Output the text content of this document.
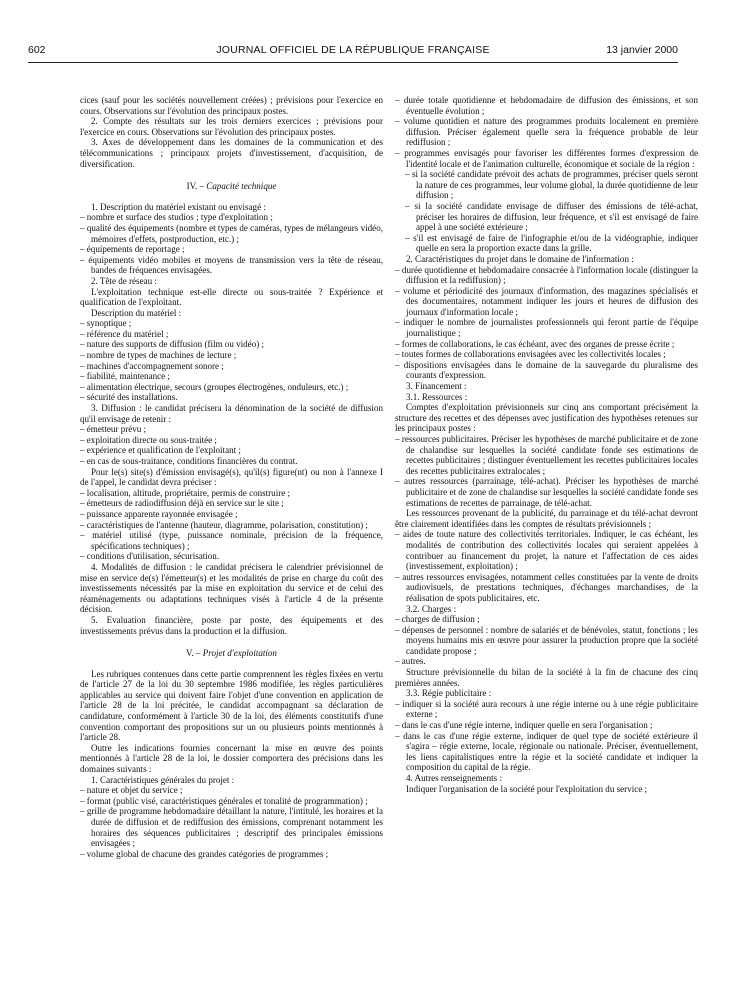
602	JOURNAL OFFICIEL DE LA RÉPUBLIQUE FRANÇAISE	13 janvier 2000

cices (sauf pour les sociétés nouvellement créées) ; prévisions pour l'exercice en cours. Observations sur l'évolution des principaux postes.

2. Compte des résultats sur les trois derniers exercices ; prévisions pour l'exercice en cours. Observations sur l'évolution des principaux postes.

3. Axes de développement dans les domaines de la communication et des télécommunications ; principaux projets d'investissement, d'acquisition, de diversification.

IV. – Capacité technique

1. Description du matériel existant ou envisagé :

– nombre et surface des studios ; type d'exploitation ;

– qualité des équipements (nombre et types de caméras, types de mélangeurs vidéo, mémoires d'effets, postproduction, etc.) ;

– équipements de reportage ;

– équipements vidéo mobiles et moyens de transmission vers la tête de réseau, bandes de fréquences envisagées.

2. Tête de réseau :

L'exploitation technique est-elle directe ou sous-traitée ? Expérience et qualification de l'exploitant.

Description du matériel :

– synoptique ;

– référence du matériel ;

– nature des supports de diffusion (film ou vidéo) ;

– nombre de types de machines de lecture ;

– machines d'accompagnement sonore ;

– fiabilité, maintenance ;

– alimentation électrique, secours (groupes électrogènes, onduleurs, etc.) ;

– sécurité des installations.

3. Diffusion : le candidat précisera la dénomination de la société de diffusion qu'il envisage de retenir :

– émetteur prévu ;

– exploitation directe ou sous-traitée ;

– expérience et qualification de l'exploitant ;

– en cas de sous-traitance, conditions financières du contrat.

Pour le(s) site(s) d'émission envisagé(s), qu'il(s) figure(nt) ou non à l'annexe I de l'appel, le candidat devra préciser :

– localisation, altitude, propriétaire, permis de construire ;

– émetteurs de radiodiffusion déjà en service sur le site ;

– puissance apparente rayonnée envisagée ;

– caractéristiques de l'antenne (hauteur, diagramme, polarisation, constitution) ;

– matériel utilisé (type, puissance nominale, précision de la fréquence, spécifications techniques) ;

– conditions d'utilisation, sécurisation.

4. Modalités de diffusion : le candidat précisera le calendrier prévisionnel de mise en service de(s) l'émetteur(s) et les modalités de prise en charge du coût des investissements nécessités par la mise en exploitation du service et de celui des réaménagements ou adaptations techniques visés à l'article 4 de la présente décision.

5. Evaluation financière, poste par poste, des équipements et des investissements prévus dans la production et la diffusion.

V. – Projet d'exploitation

Les rubriques contenues dans cette partie comprennent les règles fixées en vertu de l'article 27 de la loi du 30 septembre 1986 modifiée, les règles particulières applicables au service qui doivent faire l'objet d'une convention en application de l'article 28 de la loi précitée, le candidat accompagnant sa déclaration de candidature, conformément à l'article 30 de la loi, des éléments constitutifs d'une convention comportant des propositions sur un ou plusieurs points mentionnés à l'article 28.

Outre les indications fournies concernant la mise en œuvre des points mentionnés à l'article 28 de la loi, le dossier comportera des précisions dans les domaines suivants :

1. Caractéristiques générales du projet :

– nature et objet du service ;

– format (public visé, caractéristiques générales et tonalité de programmation) ;

– grille de programme hebdomadaire détaillant la nature, l'intitulé, les horaires et la durée de diffusion et de rediffusion des émissions, comprenant notamment les horaires des séquences publicitaires ; descriptif des principales émissions envisagées ;

– volume global de chacune des grandes catégories de programmes ;

– durée totale quotidienne et hebdomadaire de diffusion des émissions, et son éventuelle évolution ;

– volume quotidien et nature des programmes produits localement en première diffusion. Préciser également quelle sera la fréquence probable de leur rediffusion ;

– programmes envisagés pour favoriser les différentes formes d'expression de l'identité locale et de l'animation culturelle, économique et sociale de la région :

– si la société candidate prévoit des achats de programmes, préciser quels seront la nature de ces programmes, leur volume global, la durée quotidienne de leur diffusion ;

– si la société candidate envisage de diffuser des émissions de télé-achat, préciser les horaires de diffusion, leur fréquence, et s'il est envisagé de faire appel à une société extérieure ;

– s'il est envisagé de faire de l'infographie et/ou de la vidéographie, indiquer quelle en sera la proportion exacte dans la grille.

2. Caractéristiques du projet dans le domaine de l'information :

– durée quotidienne et hebdomadaire consacrée à l'information locale (distinguer la diffusion et la rediffusion) ;

– volume et périodicité des journaux d'information, des magazines spécialisés et des documentaires, notamment indiquer les jours et heures de diffusion des journaux d'information locale ;

– indiquer le nombre de journalistes professionnels qui feront partie de l'équipe journalistique ;

– formes de collaborations, le cas échéant, avec des organes de presse écrite ;

– toutes formes de collaborations envisagées avec les collectivités locales ;

– dispositions envisagées dans le domaine de la sauvegarde du pluralisme des courants d'expression.

3. Financement :

3.1. Ressources :

Comptes d'exploitation prévisionnels sur cinq ans comportant précisément la structure des recettes et des dépenses avec justification des hypothèses retenues sur les principaux postes :

– ressources publicitaires. Préciser les hypothèses de marché publicitaire et de zone de chalandise sur lesquelles la société candidate fonde ses estimations de recettes publicitaires ; distinguer éventuellement les recettes publicitaires locales des recettes publicitaires extralocales ;

– autres ressources (parrainage, télé-achat). Préciser les hypothèses de marché publicitaire et de zone de chalandise sur lesquelles la société candidate fonde ses estimations de recettes de parrainage, de télé-achat.

Les ressources provenant de la publicité, du parrainage et du télé-achat devront être clairement identifiées dans les comptes de résultats prévisionnels ;

– aides de toute nature des collectivités territoriales. Indiquer, le cas échéant, les modalités de contribution des collectivités locales qui seraient appelées à contribuer au financement du projet, la nature et l'affectation de ces aides (investissement, exploitation) ;

– autres ressources envisagées, notamment celles constituées par la vente de droits audiovisuels, de prestations techniques, d'échanges marchandises, de la réalisation de spots publicitaires, etc.

3.2. Charges :

– charges de diffusion ;

– dépenses de personnel : nombre de salariés et de bénévoles, statut, fonctions ; les moyens humains mis en œuvre pour assurer la production propre que la société candidate propose ;

– autres.

Structure prévisionnelle du bilan de la société à la fin de chacune des cinq premières années.

3.3. Régie publicitaire :

– indiquer si la société aura recours à une régie interne ou à une régie publicitaire externe ;

– dans le cas d'une régie interne, indiquer quelle en sera l'organisation ;

– dans le cas d'une régie externe, indiquer de quel type de société extérieure il s'agira – régie externe, locale, régionale ou nationale. Préciser, éventuellement, les liens capitalistiques entre la régie et la société candidate et indiquer la composition du capital de la régie.

4. Autres renseignements :

Indiquer l'organisation de la société pour l'exploitation du service ;
